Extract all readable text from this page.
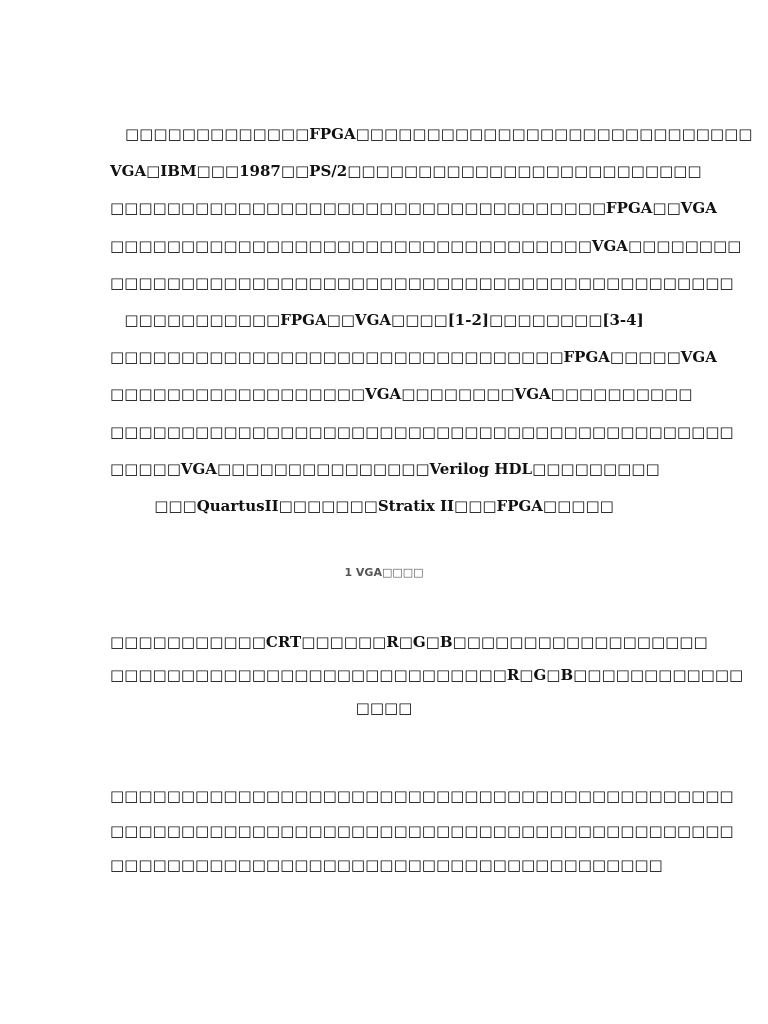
　□□□□□□□□□□□□□FPGA□□□□□□□□□□□□□□□□□□□□□□□□□□□□
VGA□IBM□□□1987□□PS/2□□□□□□□□□□□□□□□□□□□□□□□□□
□□□□□□□□□□□□□□□□□□□□□□□□□□□□□□□□□□□FPGA□□VGA
□□□□□□□□□□□□□□□□□□□□□□□□□□□□□□□□□□VGA□□□□□□□□
□□□□□□□□□□□□□□□□□□□□□□□□□□□□□□□□□□□□□□□□□□□□
□□□□□□□□□□□FPGA□□VGA□□□□[1-2]□□□□□□□□[3-4]
□□□□□□□□□□□□□□□□□□□□□□□□□□□□□□□□FPGA□□□□□VGA
□□□□□□□□□□□□□□□□□□VGA□□□□□□□□VGA□□□□□□□□□□
□□□□□□□□□□□□□□□□□□□□□□□□□□□□□□□□□□□□□□□□□□□□
□□□□□VGA□□□□□□□□□□□□□□□Verilog HDL□□□□□□□□□
□□□QuartusII□□□□□□□Stratix II□□□FPGA□□□□□
1 VGA□□□□
□□□□□□□□□□□CRT□□□□□□R□G□B□□□□□□□□□□□□□□□□□□
□□□□□□□□□□□□□□□□□□□□□□□□□□□□R□G□B□□□□□□□□□□□□
□□□□
□□□□□□□□□□□□□□□□□□□□□□□□□□□□□□□□□□□□□□□□□□□□
□□□□□□□□□□□□□□□□□□□□□□□□□□□□□□□□□□□□□□□□□□□□
□□□□□□□□□□□□□□□□□□□□□□□□□□□□□□□□□□□□□□□
